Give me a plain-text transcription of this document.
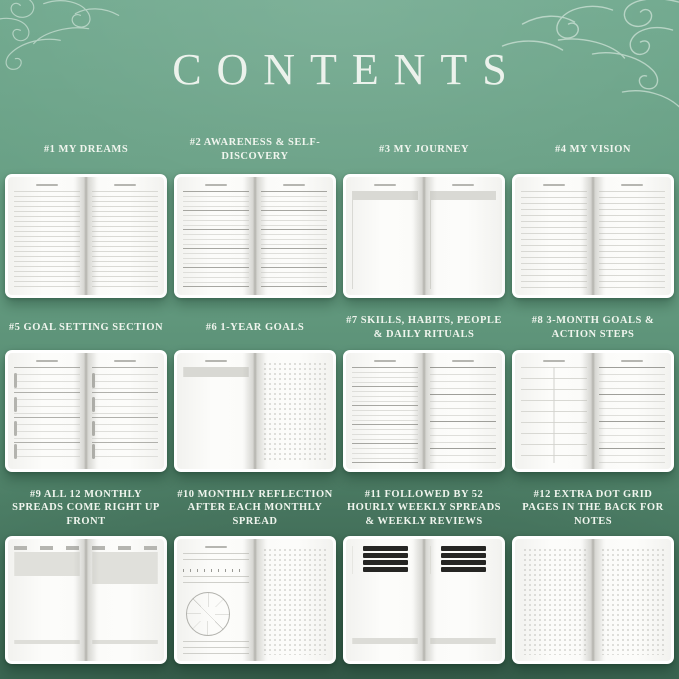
CONTENTS
#1 MY DREAMS
#2 AWARENESS & SELF-DISCOVERY
#3 MY JOURNEY	#4 MY VISION
#5 GOAL SETTING SECTION	#6 1-YEAR GOALS
#7 SKILLS, HABITS, PEOPLE & DAILY RITUALS
#8 3-MONTH GOALS & ACTION STEPS
#9 ALL 12 MONTHLY SPREADS COME RIGHT UP FRONT
#10 MONTHLY REFLECTION AFTER EACH MONTHLY SPREAD
#11 FOLLOWED BY 52 HOURLY WEEKLY SPREADS & WEEKLY REVIEWS
#12 EXTRA DOT GRID PAGES IN THE BACK FOR NOTES
